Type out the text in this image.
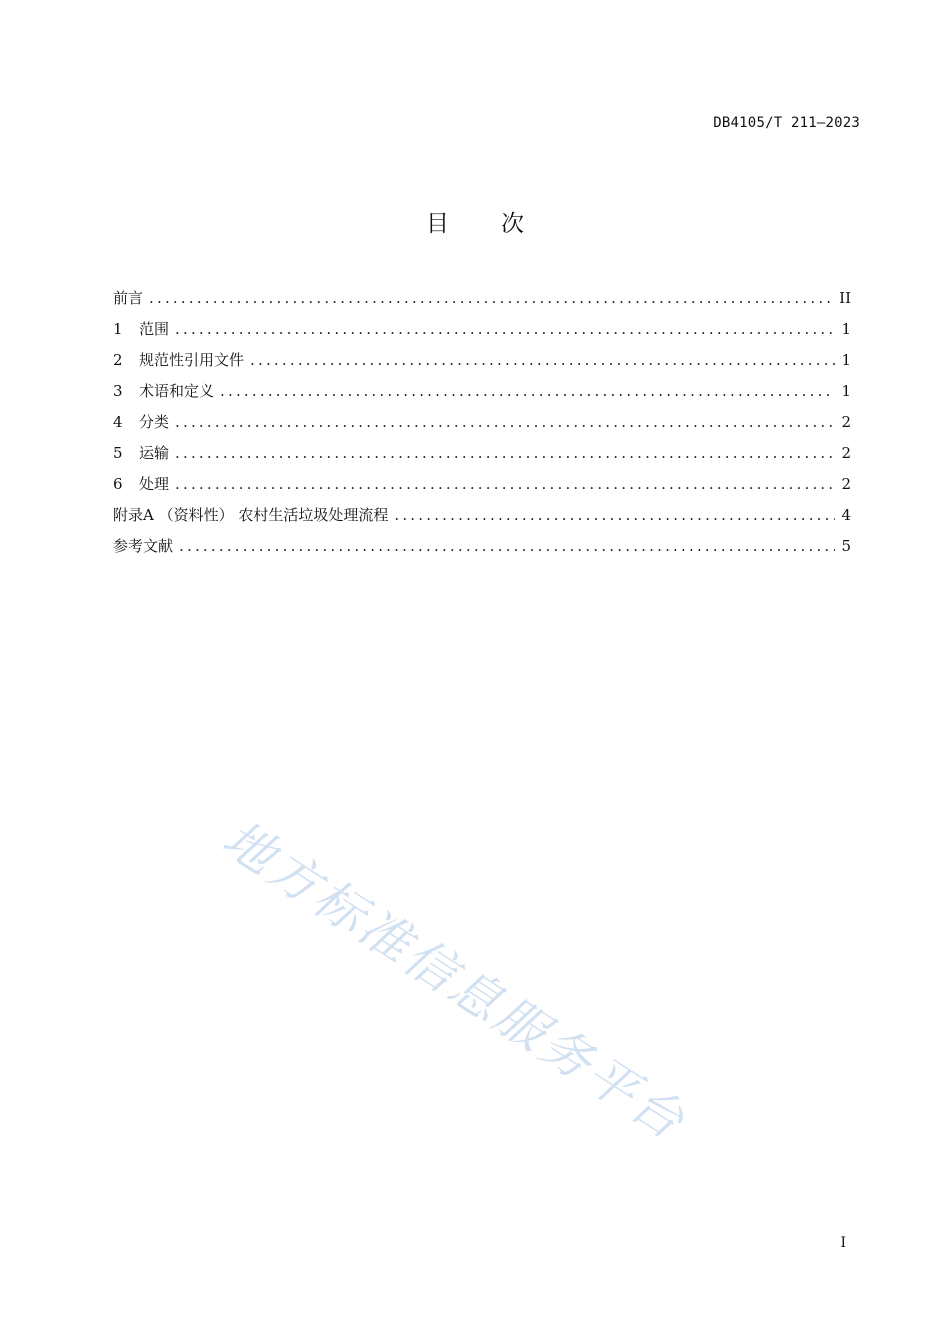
DB4105/T 211—2023
目 次
前言 .....	II
1	范围 .....	1
2	规范性引用文件 .....	1
3	术语和定义 .....	1
4	分类 .....	2
5	运输 .....	2
6	处理 .....	2
附录A （资料性） 农村生活垃圾处理流程 .....	4
参考文献 .....	5
地方标准信息服务平台
I
